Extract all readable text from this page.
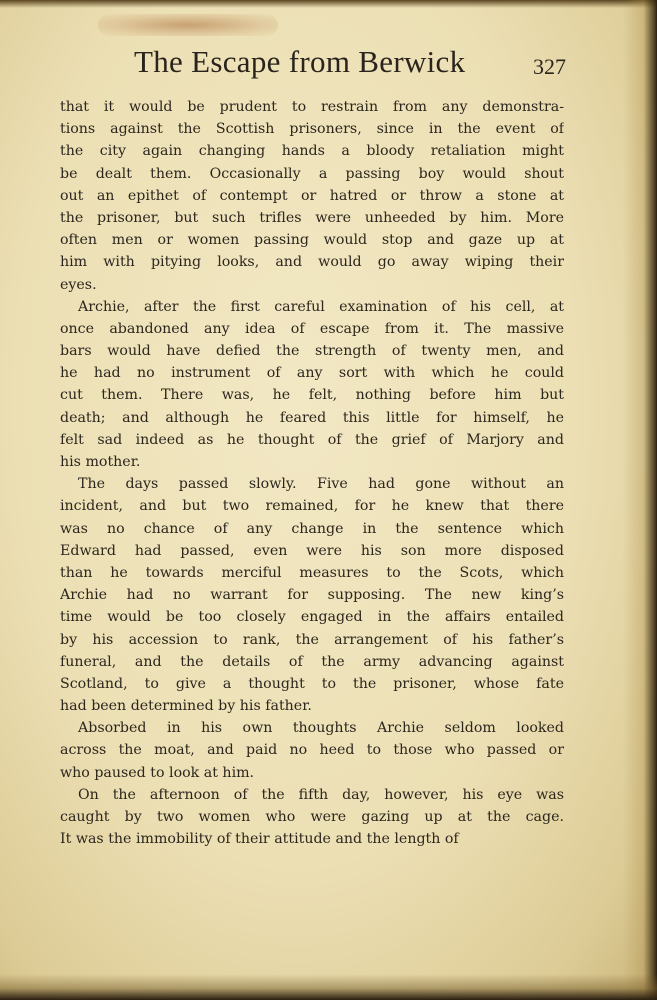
The Escape from Berwick	327
that it would be prudent to restrain from any demonstra-
tions against the Scottish prisoners, since in the event of
the city again changing hands a bloody retaliation might
be dealt them. Occasionally a passing boy would shout
out an epithet of contempt or hatred or throw a stone at
the prisoner, but such trifles were unheeded by him. More
often men or women passing would stop and gaze up at
him with pitying looks, and would go away wiping their
eyes.
Archie, after the first careful examination of his cell, at
once abandoned any idea of escape from it. The massive
bars would have defied the strength of twenty men, and
he had no instrument of any sort with which he could
cut them. There was, he felt, nothing before him but
death; and although he feared this little for himself, he
felt sad indeed as he thought of the grief of Marjory and
his mother.
The days passed slowly. Five had gone without an
incident, and but two remained, for he knew that there
was no chance of any change in the sentence which
Edward had passed, even were his son more disposed
than he towards merciful measures to the Scots, which
Archie had no warrant for supposing. The new king’s
time would be too closely engaged in the affairs entailed
by his accession to rank, the arrangement of his father’s
funeral, and the details of the army advancing against
Scotland, to give a thought to the prisoner, whose fate
had been determined by his father.
Absorbed in his own thoughts Archie seldom looked
across the moat, and paid no heed to those who passed or
who paused to look at him.
On the afternoon of the fifth day, however, his eye was
caught by two women who were gazing up at the cage.
It was the immobility of their attitude and the length of
